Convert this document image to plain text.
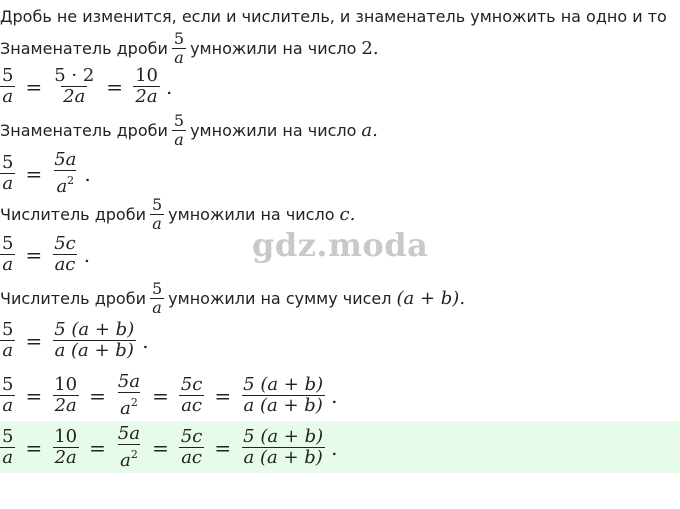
Дробь не изменится, если и числитель, и знаменатель умножить на одно и то
Знаменатель дроби $\frac{5}{a}$ умножили на число 2.
$\frac{5}{a} = \frac{5 \cdot 2}{2a} = \frac{10}{2a}$ .
Знаменатель дроби $\frac{5}{a}$ умножили на число a.
$\frac{5}{a} = \frac{5a}{a^2}$ .
Числитель дроби $\frac{5}{a}$ умножили на число c.
gdz.moda
$\frac{5}{a} = \frac{5c}{ac}$ .
Числитель дроби $\frac{5}{a}$ умножили на сумму чисел (a + b).
$\frac{5}{a} = \frac{5 (a + b)}{a (a + b)}$ .
$\frac{5}{a} = \frac{10}{2a} = \frac{5a}{a^2} = \frac{5c}{ac} = \frac{5 (a + b)}{a (a + b)}$ .
$\frac{5}{a} = \frac{10}{2a} = \frac{5a}{a^2} = \frac{5c}{ac} = \frac{5 (a + b)}{a (a + b)}$ .
